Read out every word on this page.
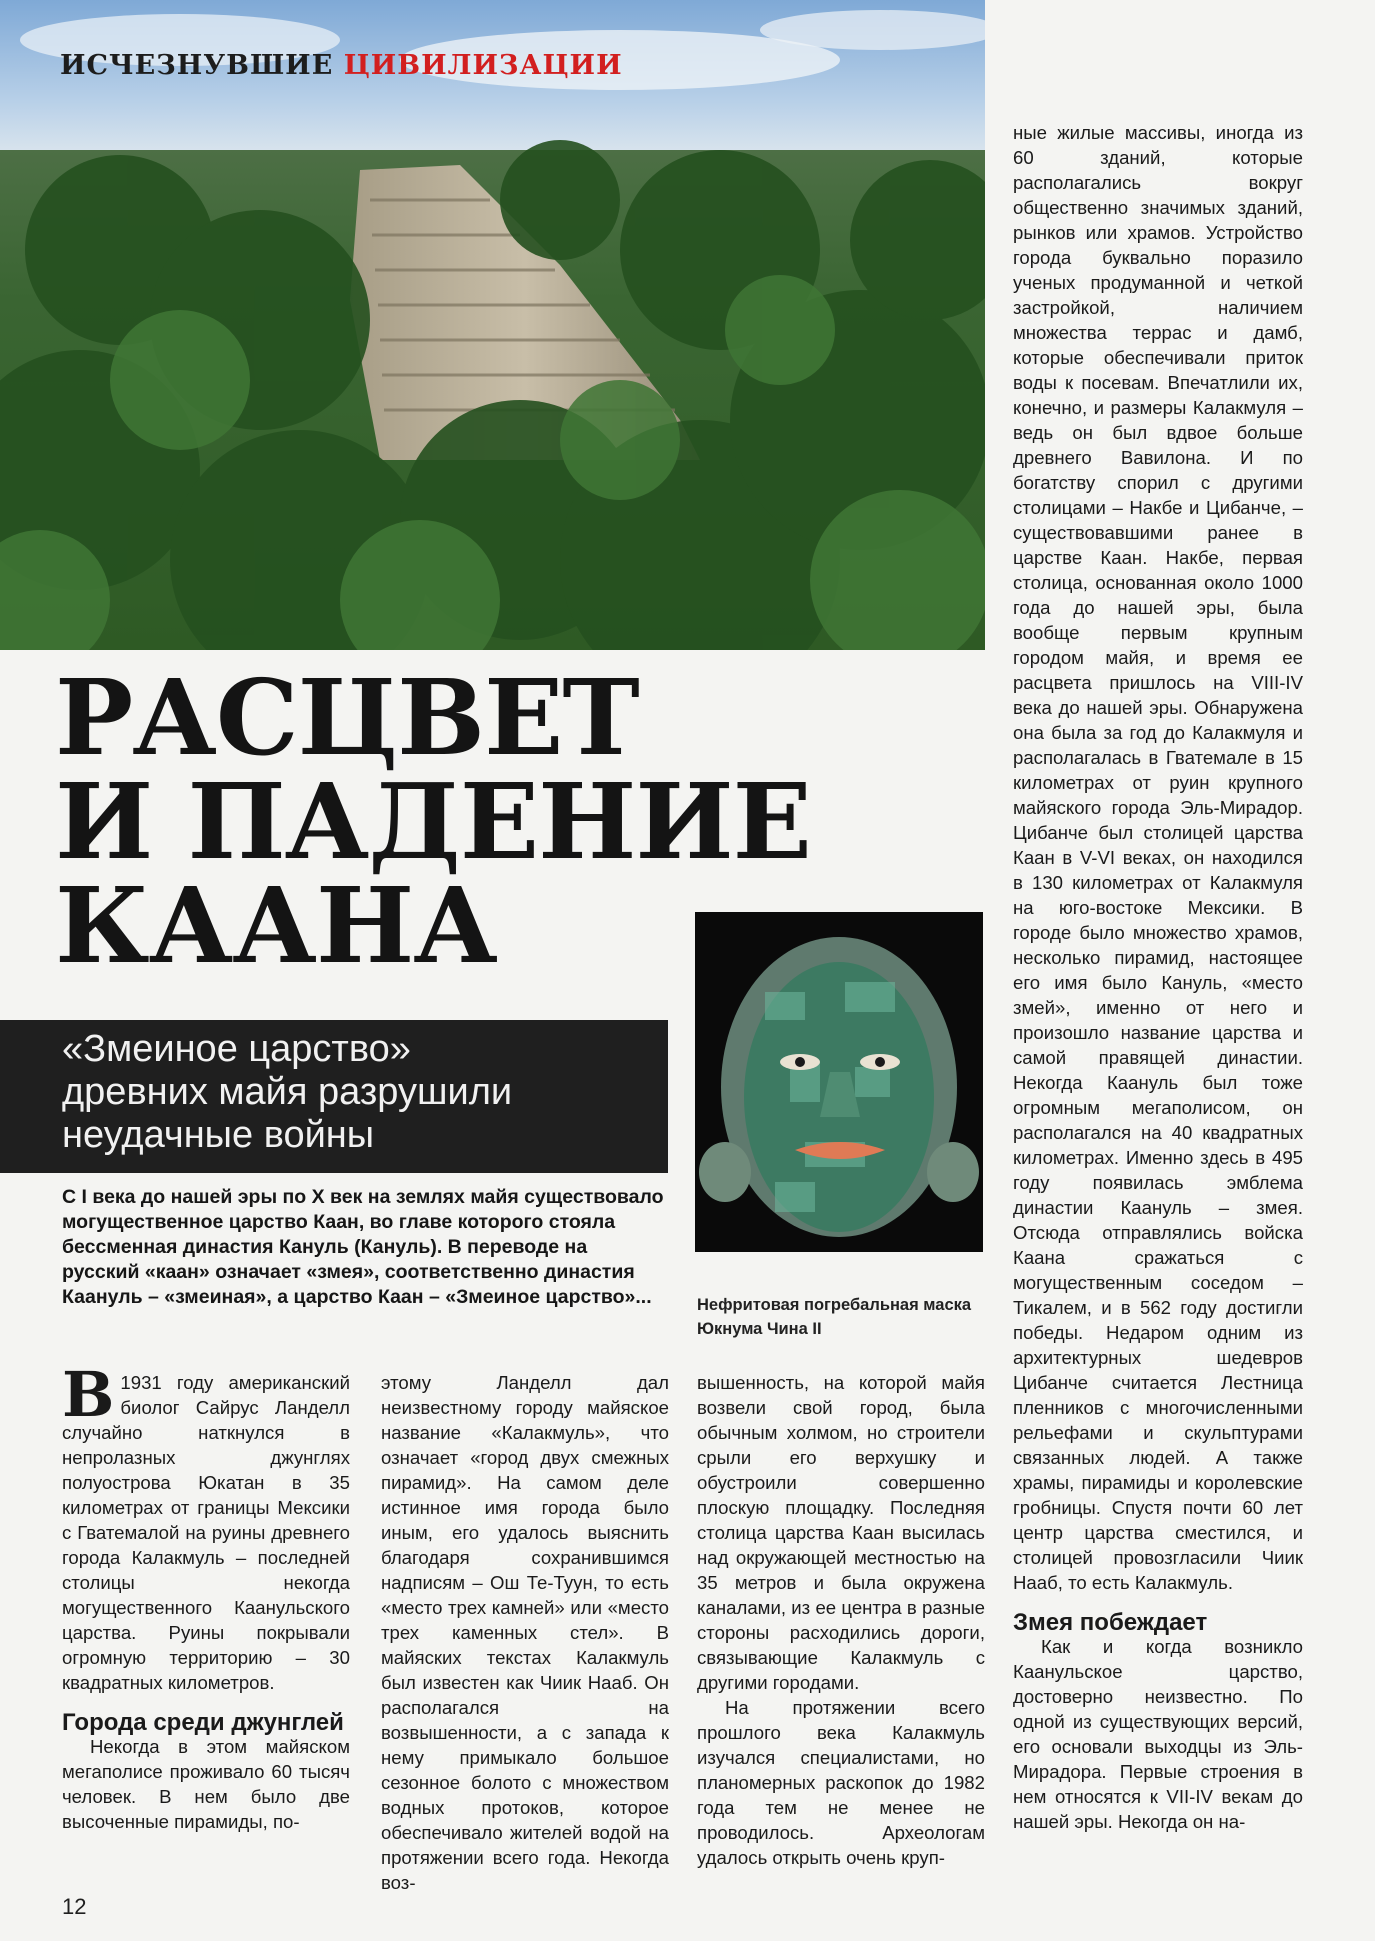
ИСЧЕЗНУВШИЕ ЦИВИЛИЗАЦИИ
РАСЦВЕТ
И ПАДЕНИЕ
КААНА

«Змеиное царство»
древних майя разрушили
неудачные войны

С I века до нашей эры по X век на землях майя существовало могущественное царство Каан, во главе которого стояла бессменная династия Кануль (Кануль). В переводе на русский «каан» означает «змея», соответственно династия Каануль – «змеиная», а царство Каан – «Змеиное царство»...	Нефритовая погребальная маска Юкнума Чина II

В 1931 году американский биолог Сайрус Ланделл случайно наткнулся в непролазных джунглях полуострова Юкатан в 35 километрах от границы Мексики с Гватемалой на руины древнего города Калакмуль – последней столицы некогда могущественного Каанульского царства. Руины покрывали огромную территорию – 30 квадратных километров.

Города среди джунглей

Некогда в этом майяском мегаполисе проживало 60 тысяч человек. В нем было две высоченные пирамиды, по-

этому Ланделл дал неизвестному городу майяское название «Калакмуль», что означает «город двух смежных пирамид». На самом деле истинное имя города было иным, его удалось выяснить благодаря сохранившимся надписям – Ош Те-Туун, то есть «место трех камней» или «место трех каменных стел». В майяских текстах Калакмуль был известен как Чиик Нааб. Он располагался на возвышенности, а с запада к нему примыкало большое сезонное болото с множеством водных протоков, которое обеспечивало жителей водой на протяжении всего года. Некогда воз-

вышенность, на которой майя возвели свой город, была обычным холмом, но строители срыли его верхушку и обустроили совершенно плоскую площадку. Последняя столица царства Каан высилась над окружающей местностью на 35 метров и была окружена каналами, из ее центра в разные стороны расходились дороги, связывающие Калакмуль с другими городами.

На протяжении всего прошлого века Калакмуль изучался специалистами, но планомерных раскопок до 1982 года тем не менее не проводилось. Археологам удалось открыть очень круп-

ные жилые массивы, иногда из 60 зданий, которые располагались вокруг общественно значимых зданий, рынков или храмов. Устройство города буквально поразило ученых продуманной и четкой застройкой, наличием множества террас и дамб, которые обеспечивали приток воды к посевам. Впечатлили их, конечно, и размеры Калакмуля – ведь он был вдвое больше древнего Вавилона. И по богатству спорил с другими столицами – Накбе и Цибанче, – существовавшими ранее в царстве Каан. Накбе, первая столица, основанная около 1000 года до нашей эры, была вообще первым крупным городом майя, и время ее расцвета пришлось на VIII-IV века до нашей эры. Обнаружена она была за год до Калакмуля и располагалась в Гватемале в 15 километрах от руин крупного майяского города Эль-Мирадор. Цибанче был столицей царства Каан в V-VI веках, он находился в 130 километрах от Калакмуля на юго-востоке Мексики. В городе было множество храмов, несколько пирамид, настоящее его имя было Кануль, «место змей», именно от него и произошло название царства и самой правящей династии. Некогда Каануль был тоже огромным мегаполисом, он располагался на 40 квадратных километрах. Именно здесь в 495 году появилась эмблема династии Каануль – змея. Отсюда отправлялись войска Каана сражаться с могущественным соседом – Тикалем, и в 562 году достигли победы. Недаром одним из архитектурных шедевров Цибанче считается Лестница пленников с многочисленными рельефами и скульптурами связанных людей. А также храмы, пирамиды и королевские гробницы. Спустя почти 60 лет центр царства сместился, и столицей провозгласили Чиик Нааб, то есть Калакмуль.

Змея побеждает

Как и когда возникло Каанульское царство, достоверно неизвестно. По одной из существующих версий, его основали выходцы из Эль-Мирадора. Первые строения в нем относятся к VII-IV векам до нашей эры. Некогда он на-

12
